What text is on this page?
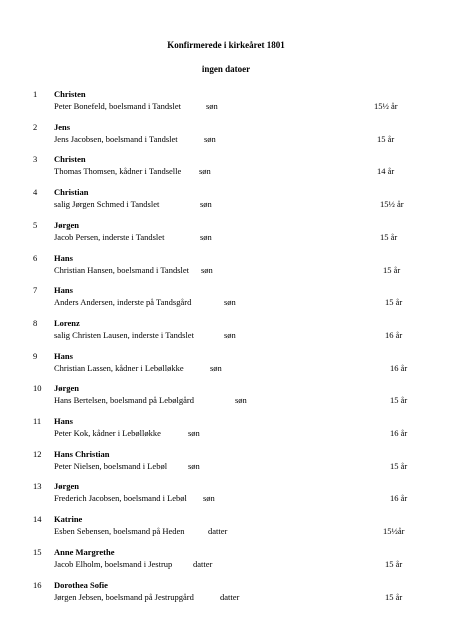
Konfirmerede i kirkeåret 1801
ingen datoer
1 Christen
Peter Bonefeld, boelsmand i Tandslet	søn	15½ år
2 Jens
Jens Jacobsen, boelsmand i Tandslet	søn	15 år
3 Christen
Thomas Thomsen, kådner i Tandselle søn	14 år
4 Christian
salig Jørgen Schmed i Tandslet	søn	15½ år
5 Jørgen
Jacob Persen, inderste i Tandslet	søn	15 år
6 Hans
Christian Hansen, boelsmand i Tandslet søn	15 år
7 Hans
Anders Andersen, inderste på Tandsgård	søn	15 år
8 Lorenz
salig Christen Lausen, inderste i Tandslet	søn	16 år
9 Hans
Christian Lassen, kådner i Lebølløkke	søn	16 år
10 Jørgen
Hans Bertelsen, boelsmand på Lebølgård	søn	15 år
11 Hans
Peter Kok, kådner i Lebølløkke	søn	16 år
12 Hans Christian
Peter Nielsen, boelsmand i Lebøl søn	15 år
13 Jørgen
Frederich Jacobsen, boelsmand i Lebøl søn	16 år
14 Katrine
Esben Sebensen, boelsmand på Heden	datter	15½år
15 Anne Margrethe
Jacob Elholm, boelsmand i Jestrup datter	15 år
16 Dorothea Sofie
Jørgen Jebsen, boelsmand på Jestrupgård	datter	15 år
